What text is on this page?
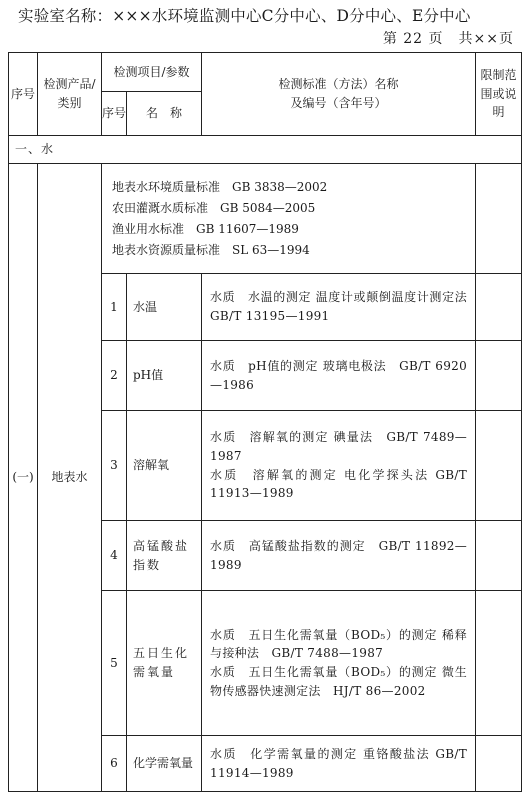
实验室名称：×××水环境监测中心C分中心、D分中心、E分中心
第 22 页　共××页
序号	检测产品/类别	检测项目/参数		检测标准（方法）名称
及编号（含年号）	限制范围或说明
		序号	名　称		
一、水					
(一)	地表水	地表水环境质量标准　GB 3838—2002
农田灌溉水质标准　GB 5084—2005
渔业用水标准　GB 11607—1989
地表水资源质量标准　SL 63—1994			

		1	水温	水质　水温的测定 温度计或颠倒温度计测定法　GB/T 13195—1991	

		2	pH值	水质　pH值的测定 玻璃电极法　GB/T 6920—1986	

		3	溶解氧	水质　溶解氧的测定 碘量法　GB/T 7489—1987
水质　溶解氧的测定 电化学探头法 GB/T 11913—1989	

		4	高锰酸盐指数	水质　高锰酸盐指数的测定　GB/T 11892—1989	

		5	五日生化需氧量	水质　五日生化需氧量（BOD₅）的测定 稀释与接种法　GB/T 7488—1987
水质　五日生化需氧量（BOD₅）的测定 微生物传感器快速测定法　HJ/T 86—2002	

		6	化学需氧量	水质　化学需氧量的测定 重铬酸盐法 GB/T 11914—1989	
